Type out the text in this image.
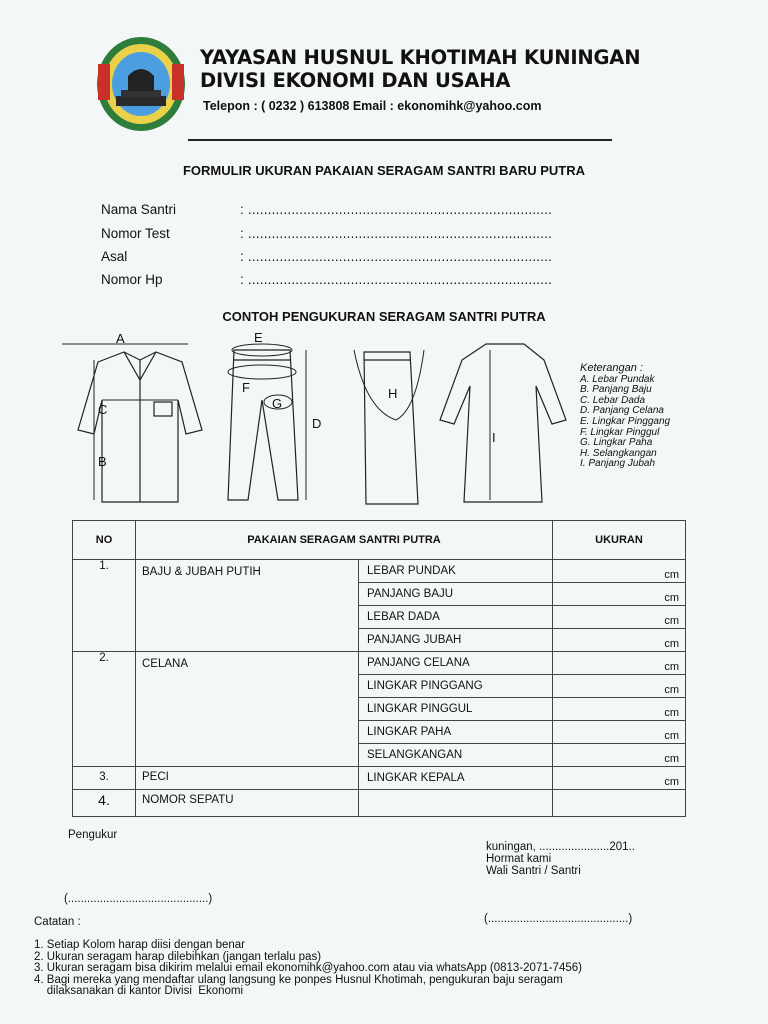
YAYASAN HUSNUL KHOTIMAH KUNINGAN
DIVISI EKONOMI DAN USAHA
Telepon : ( 0232 ) 613808 Email : ekonomihk@yahoo.com
FORMULIR UKURAN PAKAIAN SERAGAM SANTRI BARU PUTRA
Nama Santri	: .............................................................................
Nomor Test	: .............................................................................
Asal	: .............................................................................
Nomor Hp	: .............................................................................
CONTOH PENGUKURAN SERAGAM SANTRI PUTRA
A
B
C
E
F
G
D
H
I
Keterangan :
A. Lebar Pundak
B. Panjang Baju
C. Lebar Dada
D. Panjang Celana
E. Lingkar Pinggang
F. Lingkar Pinggul
G. Lingkar Paha
H. Selangkangan
I. Panjang Jubah
NO	PAKAIAN SERAGAM SANTRI PUTRA		UKURAN
1.	BAJU & JUBAH PUTIH	LEBAR PUNDAK	cm
		PANJANG BAJU	cm
		LEBAR DADA	cm
		PANJANG JUBAH	cm
2.	CELANA	PANJANG CELANA	cm
		LINGKAR PINGGANG	cm
		LINGKAR PINGGUL	cm
		LINGKAR PAHA	cm
		SELANGKANGAN	cm
3.	PECI	LINGKAR KEPALA	cm
4.	NOMOR SEPATU		
Pengukur
kuningan, ......................201..
Hormat kami
Wali Santri / Santri
(............................................)
(............................................)
Catatan :
1. Setiap Kolom harap diisi dengan benar
2. Ukuran seragam harap dilebihkan (jangan terlalu pas)
3. Ukuran seragam bisa dikirim melalui email ekonomihk@yahoo.com atau via whatsApp (0813-2071-7456)
4. Bagi mereka yang mendaftar ulang langsung ke ponpes Husnul Khotimah, pengukuran baju seragam
dilaksanakan di kantor Divisi  Ekonomi
